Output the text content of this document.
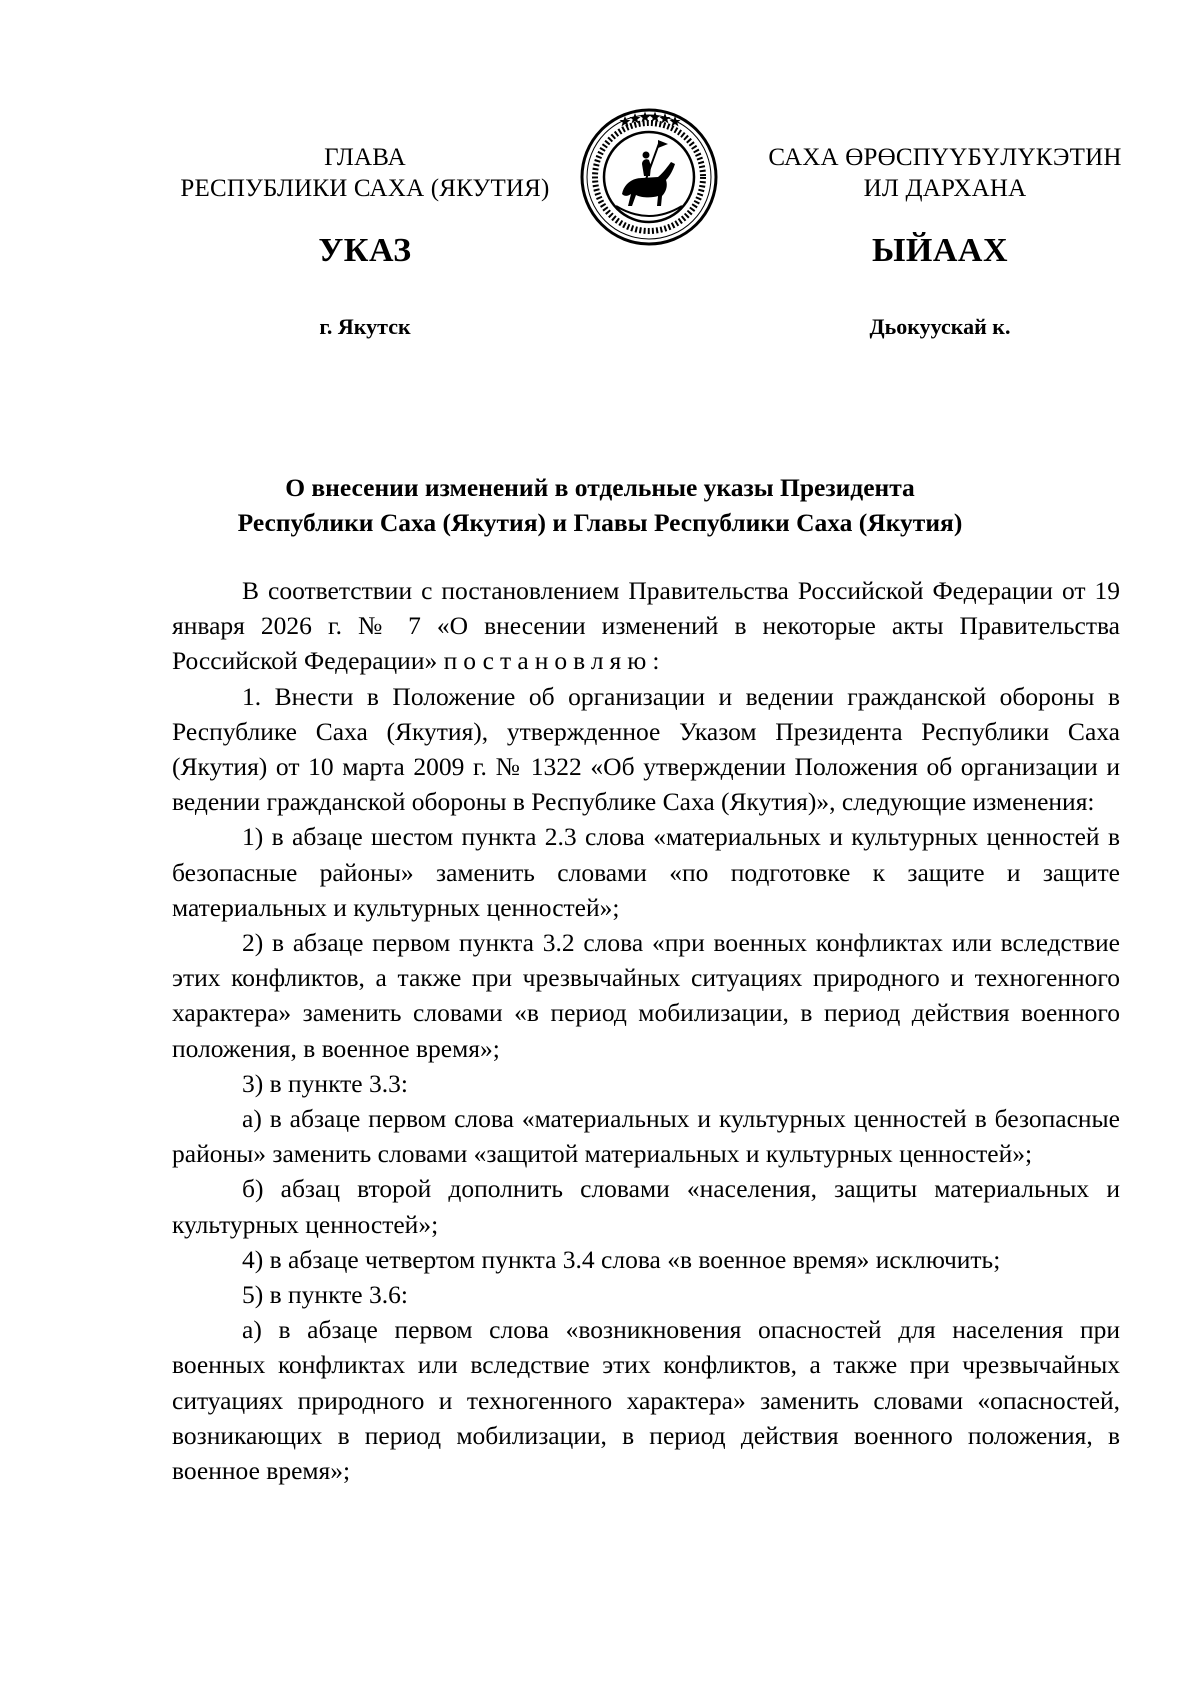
ГЛАВА
РЕСПУБЛИКИ САХА (ЯКУТИЯ)
САХА ӨРӨСПҮҮБҮЛҮКЭТИН
ИЛ ДАРХАНА
УКАЗ	ЫЙААХ
г. Якутск	Дьокуускай к.
О внесении изменений в отдельные указы Президента
Республики Саха (Якутия) и Главы Республики Саха (Якутия)

В соответствии с постановлением Правительства Российской Федерации от 19 января 2026 г. № 7 «О внесении изменений в некоторые акты Правительства Российской Федерации» постановляю:

1. Внести в Положение об организации и ведении гражданской обороны в Республике Саха (Якутия), утвержденное Указом Президента Республики Саха (Якутия) от 10 марта 2009 г. № 1322 «Об утверждении Положения об организации и ведении гражданской обороны в Республике Саха (Якутия)», следующие изменения:

1) в абзаце шестом пункта 2.3 слова «материальных и культурных ценностей в безопасные районы» заменить словами «по подготовке к защите и защите материальных и культурных ценностей»;

2) в абзаце первом пункта 3.2 слова «при военных конфликтах или вследствие этих конфликтов, а также при чрезвычайных ситуациях природного и техногенного характера» заменить словами «в период мобилизации, в период действия военного положения, в военное время»;

3) в пункте 3.3:

а) в абзаце первом слова «материальных и культурных ценностей в безопасные районы» заменить словами «защитой материальных и культурных ценностей»;

б) абзац второй дополнить словами «населения, защиты материальных и культурных ценностей»;

4) в абзаце четвертом пункта 3.4 слова «в военное время» исключить;

5) в пункте 3.6:

а) в абзаце первом слова «возникновения опасностей для населения при военных конфликтах или вследствие этих конфликтов, а также при чрезвычайных ситуациях природного и техногенного характера» заменить словами «опасностей, возникающих в период мобилизации, в период действия военного положения, в военное время»;
